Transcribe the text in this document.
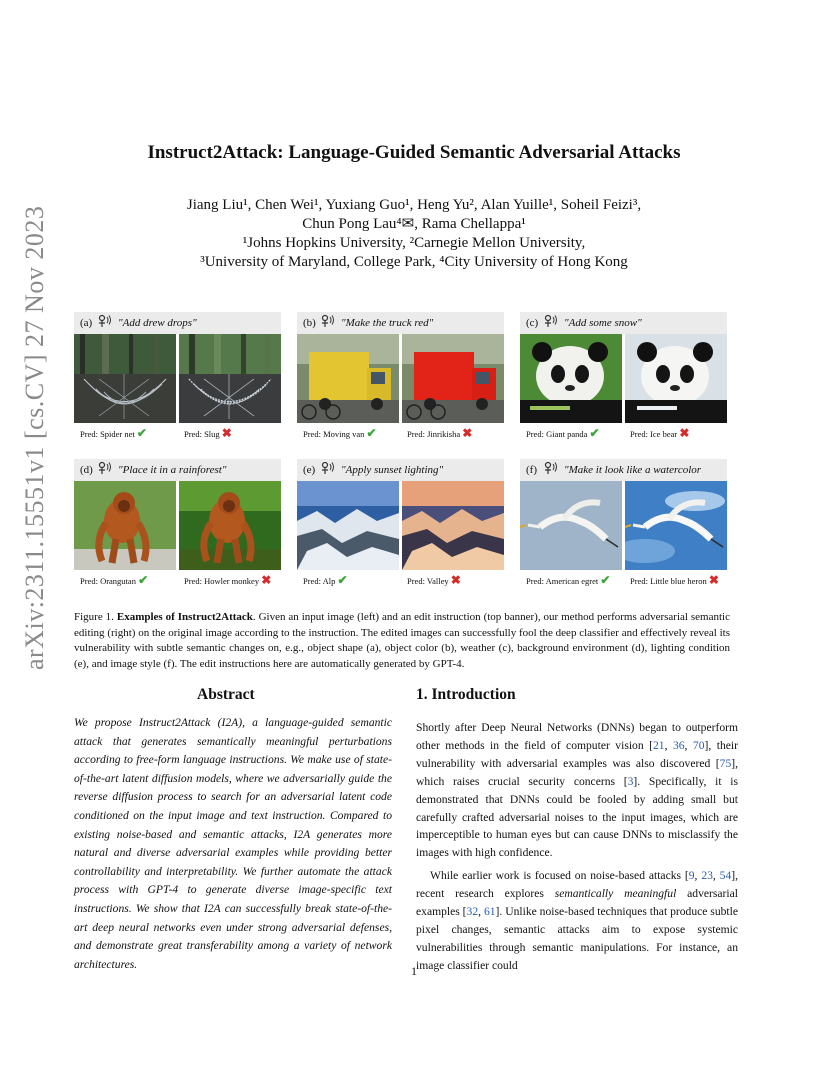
arXiv:2311.15551v1 [cs.CV] 27 Nov 2023
Instruct2Attack: Language-Guided Semantic Adversarial Attacks
Jiang Liu¹, Chen Wei¹, Yuxiang Guo¹, Heng Yu², Alan Yuille¹, Soheil Feizi³,
Chun Pong Lau⁴✉, Rama Chellappa¹
¹Johns Hopkins University, ²Carnegie Mellon University,
³University of Maryland, College Park, ⁴City University of Hong Kong
(a) "Add drew drops"
Pred: Spider net ✔	Pred: Slug ✖
(b) "Make the truck red"
Pred: Moving van ✔	Pred: Jinrikisha ✖
(c) "Add some snow"
Pred: Giant panda ✔	Pred: Ice bear ✖
(d) "Place it in a rainforest"
Pred: Orangutan ✔	Pred: Howler monkey ✖
(e) "Apply sunset lighting"
Pred: Alp ✔	Pred: Valley ✖
(f) "Make it look like a watercolor
Pred: American egret ✔ Pred: Little blue heron ✖
Figure 1. Examples of Instruct2Attack. Given an input image (left) and an edit instruction (top banner), our method performs adversarial semantic editing (right) on the original image according to the instruction. The edited images can successfully fool the deep classifier and effectively reveal its vulnerability with subtle semantic changes on, e.g., object shape (a), object color (b), weather (c), background environment (d), lighting condition (e), and image style (f). The edit instructions here are automatically generated by GPT-4.
Abstract
We propose Instruct2Attack (I2A), a language-guided semantic attack that generates semantically meaningful perturbations according to free-form language instructions. We make use of state-of-the-art latent diffusion models, where we adversarially guide the reverse diffusion process to search for an adversarial latent code conditioned on the input image and text instruction. Compared to existing noise-based and semantic attacks, I2A generates more natural and diverse adversarial examples while providing better controllability and interpretability. We further automate the attack process with GPT-4 to generate diverse image-specific text instructions. We show that I2A can successfully break state-of-the-art deep neural networks even under strong adversarial defenses, and demonstrate great transferability among a variety of network architectures.
1. Introduction

Shortly after Deep Neural Networks (DNNs) began to outperform other methods in the field of computer vision [21, 36, 70], their vulnerability with adversarial examples was also discovered [75], which raises crucial security concerns [3]. Specifically, it is demonstrated that DNNs could be fooled by adding small but carefully crafted adversarial noises to the input images, which are imperceptible to human eyes but can cause DNNs to misclassify the images with high confidence.

While earlier work is focused on noise-based attacks [9, 23, 54], recent research explores semantically meaningful adversarial examples [32, 61]. Unlike noise-based techniques that produce subtle pixel changes, semantic attacks aim to expose systemic vulnerabilities through semantic manipulations. For instance, an image classifier could

1
